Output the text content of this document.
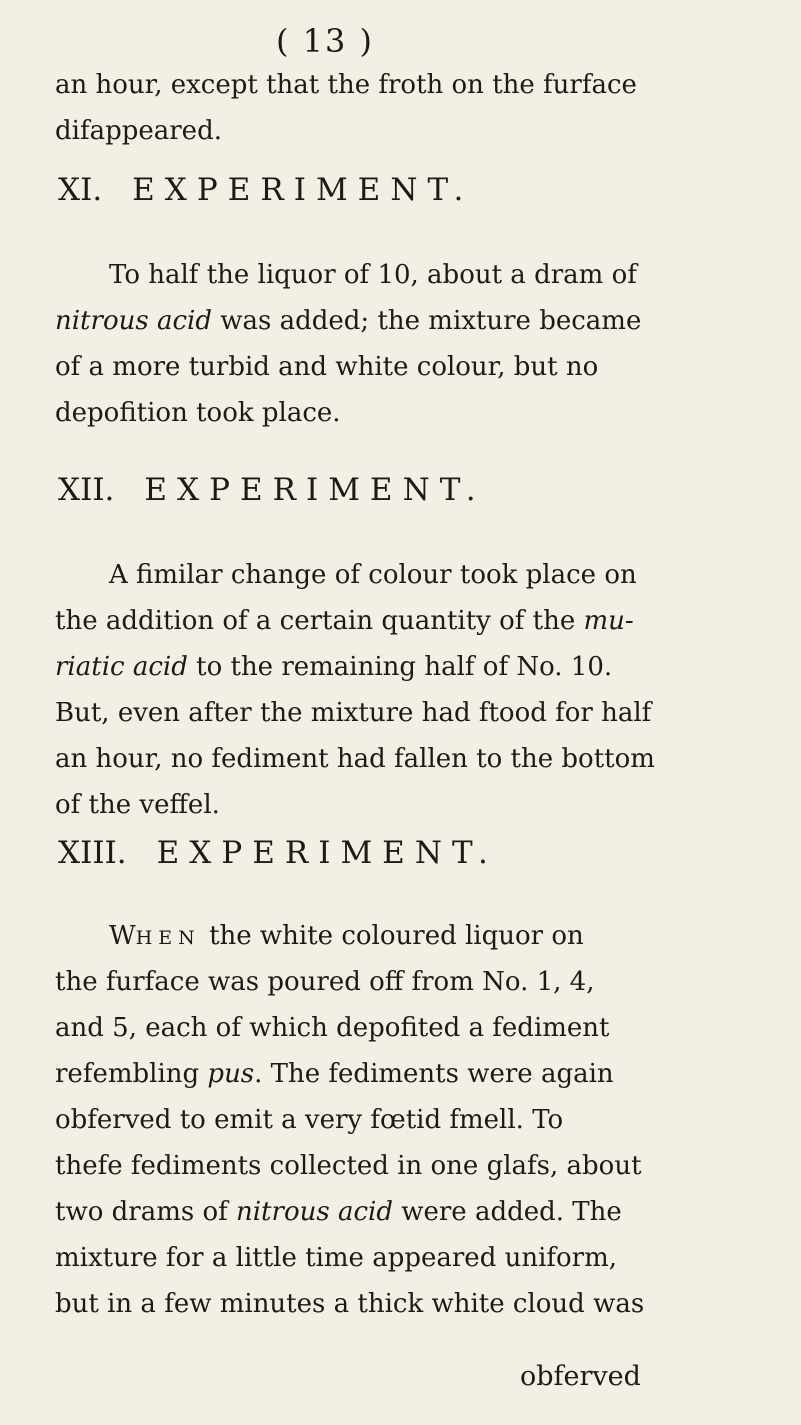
( 13 )
an hour, except that the froth on the furface
difappeared.
XI. EXPERIMENT.
To half the liquor of 10, about a dram of
nitrous acid was added; the mixture became
of a more turbid and white colour, but no
depofition took place.
XII. EXPERIMENT.
A fimilar change of colour took place on
the addition of a certain quantity of the mu-
riatic acid to the remaining half of No. 10.
But, even after the mixture had ftood for half
an hour, no fediment had fallen to the bottom
of the veffel.
XIII. EXPERIMENT.
WHEN the white coloured liquor on
the furface was poured off from No. 1, 4,
and 5, each of which depofited a fediment
refembling pus. The fediments were again
obferved to emit a very fœtid fmell. To
thefe fediments collected in one glafs, about
two drams of nitrous acid were added. The
mixture for a little time appeared uniform,
but in a few minutes a thick white cloud was
obferved
